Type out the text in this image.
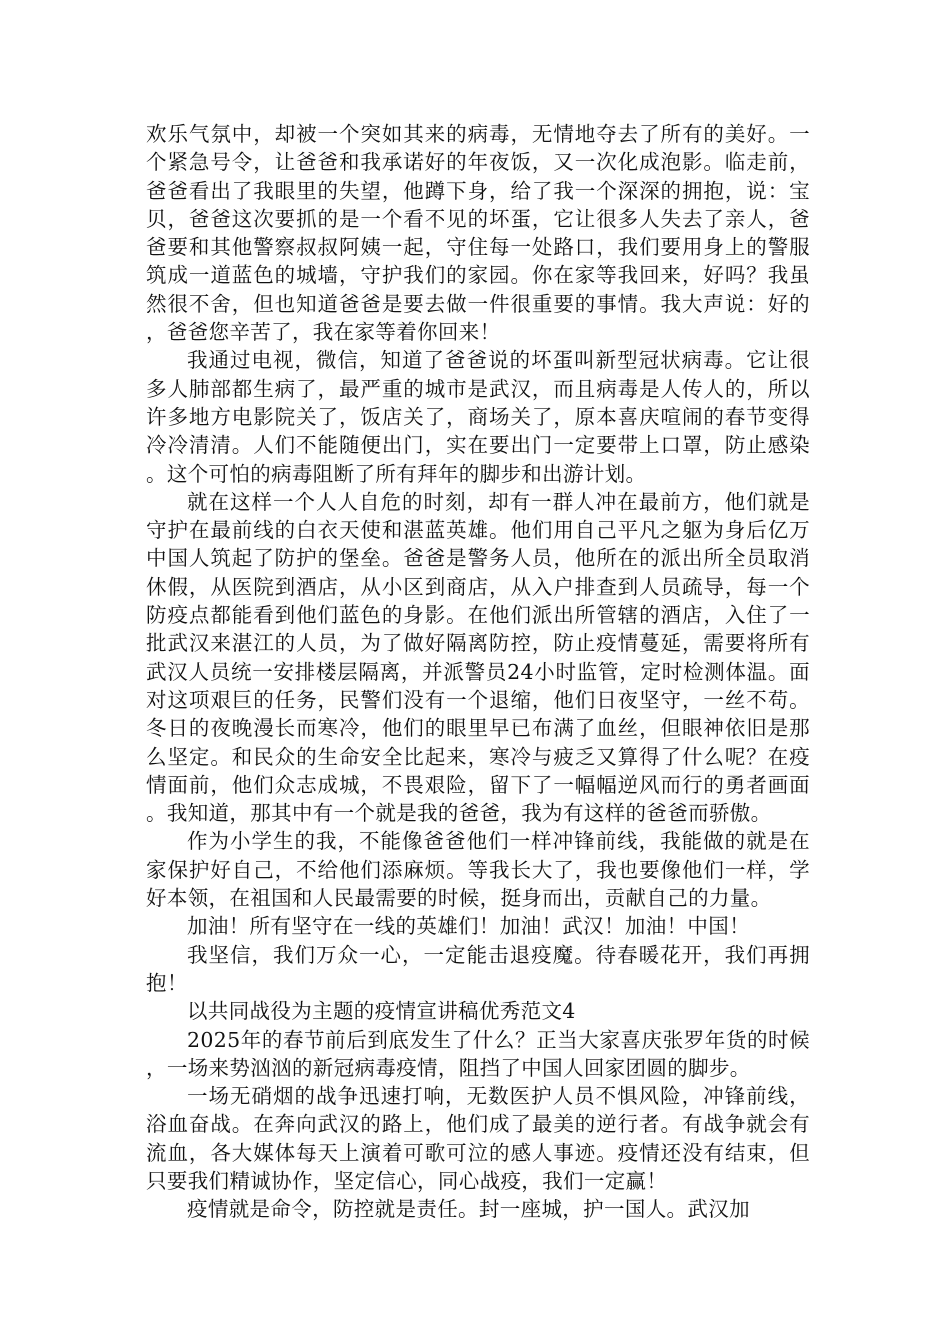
欢乐气氛中，却被一个突如其来的病毒，无情地夺去了所有的美好。一个紧急号令，让爸爸和我承诺好的年夜饭，又一次化成泡影。临走前，爸爸看出了我眼里的失望，他蹲下身，给了我一个深深的拥抱，说：宝贝，爸爸这次要抓的是一个看不见的坏蛋，它让很多人失去了亲人，爸爸要和其他警察叔叔阿姨一起，守住每一处路口，我们要用身上的警服筑成一道蓝色的城墙，守护我们的家园。你在家等我回来，好吗？我虽然很不舍，但也知道爸爸是要去做一件很重要的事情。我大声说：好的，爸爸您辛苦了，我在家等着你回来！

我通过电视，微信，知道了爸爸说的坏蛋叫新型冠状病毒。它让很多人肺部都生病了，最严重的城市是武汉，而且病毒是人传人的，所以许多地方电影院关了，饭店关了，商场关了，原本喜庆喧闹的春节变得冷冷清清。人们不能随便出门，实在要出门一定要带上口罩，防止感染。这个可怕的病毒阻断了所有拜年的脚步和出游计划。

就在这样一个人人自危的时刻，却有一群人冲在最前方，他们就是守护在最前线的白衣天使和湛蓝英雄。他们用自己平凡之躯为身后亿万中国人筑起了防护的堡垒。爸爸是警务人员，他所在的派出所全员取消休假，从医院到酒店，从小区到商店，从入户排查到人员疏导，每一个防疫点都能看到他们蓝色的身影。在他们派出所管辖的酒店，入住了一批武汉来湛江的人员，为了做好隔离防控，防止疫情蔓延，需要将所有武汉人员统一安排楼层隔离，并派警员24小时监管，定时检测体温。面对这项艰巨的任务，民警们没有一个退缩，他们日夜坚守，一丝不苟。冬日的夜晚漫长而寒冷，他们的眼里早已布满了血丝，但眼神依旧是那么坚定。和民众的生命安全比起来，寒冷与疲乏又算得了什么呢？在疫情面前，他们众志成城，不畏艰险，留下了一幅幅逆风而行的勇者画面。我知道，那其中有一个就是我的爸爸，我为有这样的爸爸而骄傲。

作为小学生的我，不能像爸爸他们一样冲锋前线，我能做的就是在家保护好自己，不给他们添麻烦。等我长大了，我也要像他们一样，学好本领，在祖国和人民最需要的时候，挺身而出，贡献自己的力量。

加油！所有坚守在一线的英雄们！加油！武汉！加油！中国！

我坚信，我们万众一心，一定能击退疫魔。待春暖花开，我们再拥抱！

以共同战役为主题的疫情宣讲稿优秀范文4

2025年的春节前后到底发生了什么？正当大家喜庆张罗年货的时候，一场来势汹汹的新冠病毒疫情，阻挡了中国人回家团圆的脚步。

一场无硝烟的战争迅速打响，无数医护人员不惧风险，冲锋前线，浴血奋战。在奔向武汉的路上，他们成了最美的逆行者。有战争就会有流血，各大媒体每天上演着可歌可泣的感人事迹。疫情还没有结束，但只要我们精诚协作，坚定信心，同心战疫，我们一定赢！

疫情就是命令，防控就是责任。封一座城，护一国人。武汉加
